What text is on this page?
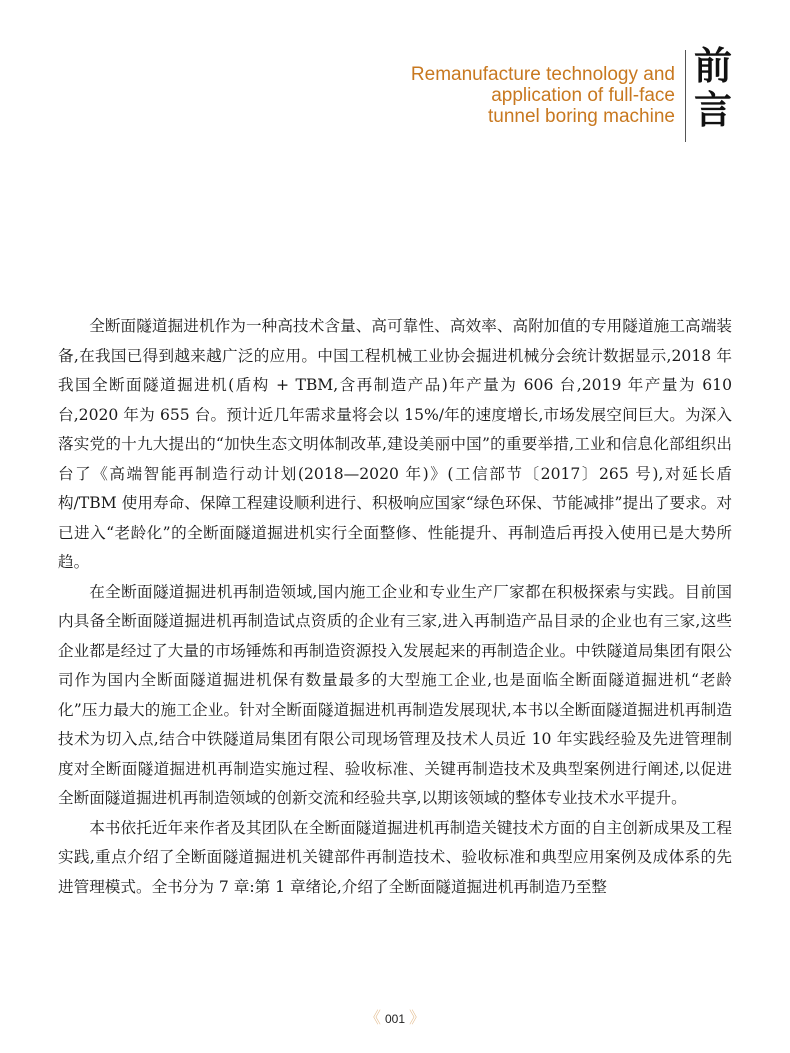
Remanufacture technology and
application of full-face
tunnel boring machine
前
言

全断面隧道掘进机作为一种高技术含量、高可靠性、高效率、高附加值的专用隧道施工高端装备,在我国已得到越来越广泛的应用。中国工程机械工业协会掘进机械分会统计数据显示,2018 年我国全断面隧道掘进机(盾构 + TBM,含再制造产品)年产量为 606 台,2019 年产量为 610 台,2020 年为 655 台。预计近几年需求量将会以 15%/年的速度增长,市场发展空间巨大。为深入落实党的十九大提出的“加快生态文明体制改革,建设美丽中国”的重要举措,工业和信息化部组织出台了《高端智能再制造行动计划(2018—2020 年)》(工信部节〔2017〕265 号),对延长盾构/TBM 使用寿命、保障工程建设顺利进行、积极响应国家“绿色环保、节能减排”提出了要求。对已进入“老龄化”的全断面隧道掘进机实行全面整修、性能提升、再制造后再投入使用已是大势所趋。

在全断面隧道掘进机再制造领域,国内施工企业和专业生产厂家都在积极探索与实践。目前国内具备全断面隧道掘进机再制造试点资质的企业有三家,进入再制造产品目录的企业也有三家,这些企业都是经过了大量的市场锤炼和再制造资源投入发展起来的再制造企业。中铁隧道局集团有限公司作为国内全断面隧道掘进机保有数量最多的大型施工企业,也是面临全断面隧道掘进机“老龄化”压力最大的施工企业。针对全断面隧道掘进机再制造发展现状,本书以全断面隧道掘进机再制造技术为切入点,结合中铁隧道局集团有限公司现场管理及技术人员近 10 年实践经验及先进管理制度对全断面隧道掘进机再制造实施过程、验收标准、关键再制造技术及典型案例进行阐述,以促进全断面隧道掘进机再制造领域的创新交流和经验共享,以期该领域的整体专业技术水平提升。

本书依托近年来作者及其团队在全断面隧道掘进机再制造关键技术方面的自主创新成果及工程实践,重点介绍了全断面隧道掘进机关键部件再制造技术、验收标准和典型应用案例及成体系的先进管理模式。全书分为 7 章:第 1 章绪论,介绍了全断面隧道掘进机再制造乃至整

《 001 》
